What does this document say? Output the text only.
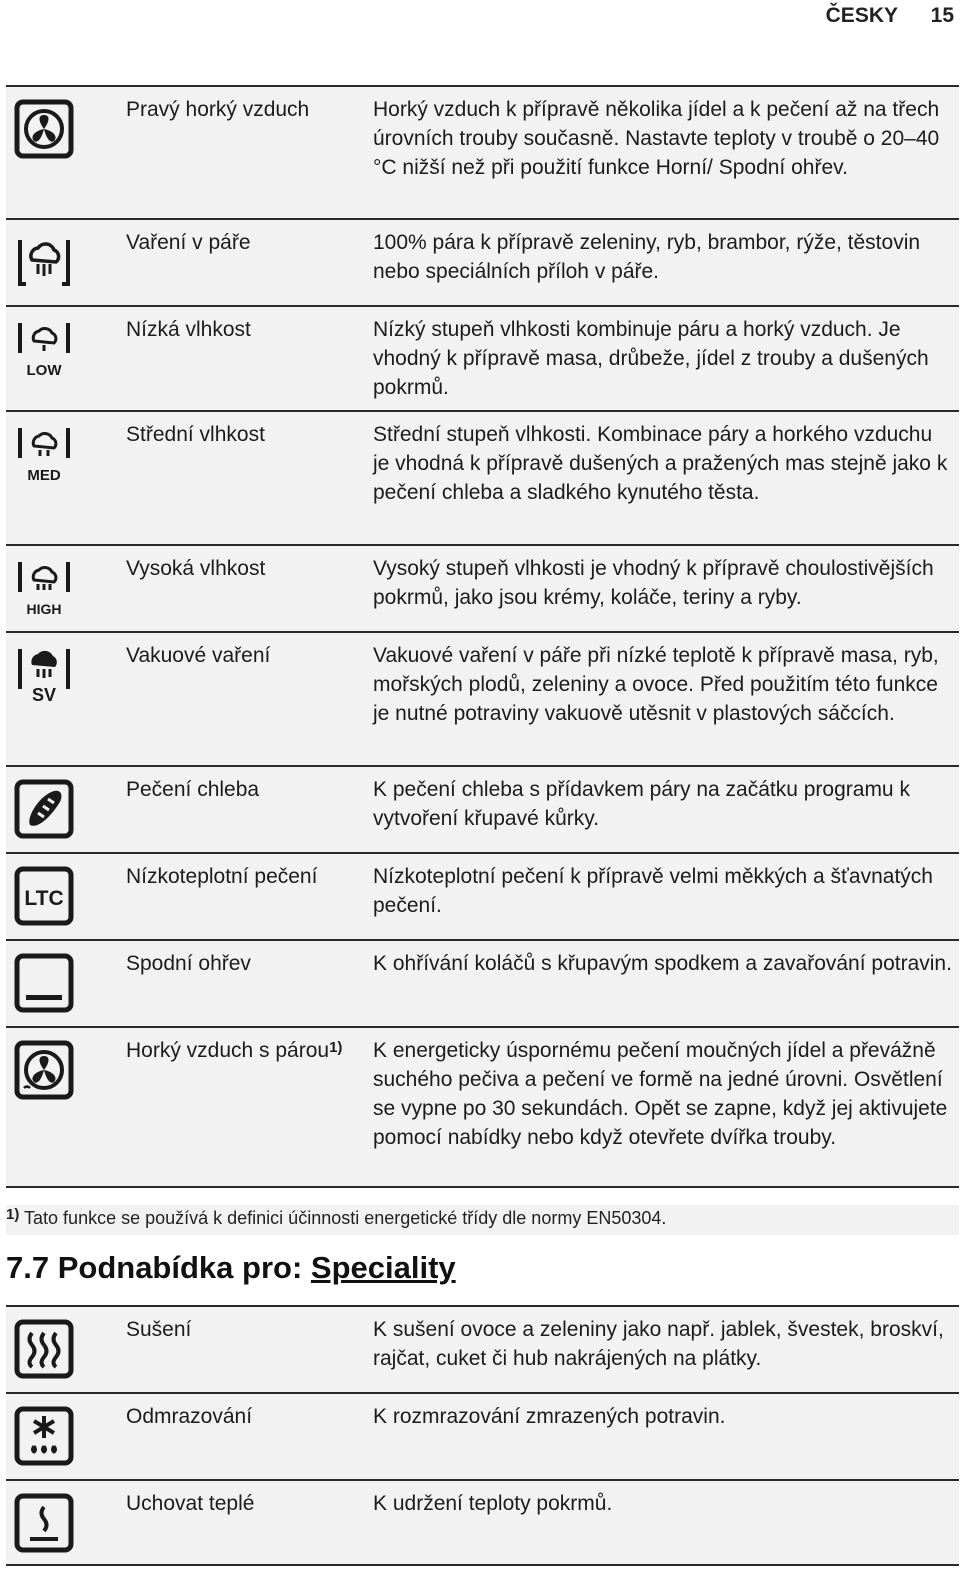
ČESKY 15
Pravý horký vzduch	Horký vzduch k přípravě několika jídel a k pečení až na třech úrovních trouby současně. Nastavte teploty v troubě o 20–40 °C nižší než při použití funkce Horní/ Spodní ohřev.
Vaření v páře	100% pára k přípravě zeleniny, ryb, brambor, rýže, těstovin nebo speciálních příloh v páře.
LOW
Nízká vlhkost	Nízký stupeň vlhkosti kombinuje páru a horký vzduch. Je vhodný k přípravě masa, drůbeže, jídel z trouby a dušených pokrmů.
MED
Střední vlhkost	Střední stupeň vlhkosti. Kombinace páry a horkého vzduchu je vhodná k přípravě dušených a pražených mas stejně jako k pečení chleba a sladkého kynutého těsta.
HIGH
Vysoká vlhkost	Vysoký stupeň vlhkosti je vhodný k přípravě choulostivějších pokrmů, jako jsou krémy, koláče, teriny a ryby.
SV
Vakuové vaření	Vakuové vaření v páře při nízké teplotě k přípravě masa, ryb, mořských plodů, zeleniny a ovoce. Před použitím této funkce je nutné potraviny vakuově utěsnit v plastových sáčcích.
Pečení chleba	K pečení chleba s přídavkem páry na začátku programu k vytvoření křupavé kůrky.
LTC
Nízkoteplotní pečení	Nízkoteplotní pečení k přípravě velmi měkkých a šťavnatých pečení.
Spodní ohřev	K ohřívání koláčů s křupavým spodkem a zavařování potravin.
Horký vzduch s párou$^{1)}$	K energeticky úspornému pečení moučných jídel a převážně suchého pečiva a pečení ve formě na jedné úrovni. Osvětlení se vypne po 30 sekundách. Opět se zapne, když jej aktivujete pomocí nabídky nebo když otevřete dvířka trouby.
$^{1)}$ Tato funkce se používá k definici účinnosti energetické třídy dle normy EN50304.
7.7 Podnabídka pro: Speciality
Sušení	K sušení ovoce a zeleniny jako např. jablek, švestek, broskví, rajčat, cuket či hub nakrájených na plátky.
Odmrazování	K rozmrazování zmrazených potravin.
Uchovat teplé	K udržení teploty pokrmů.
